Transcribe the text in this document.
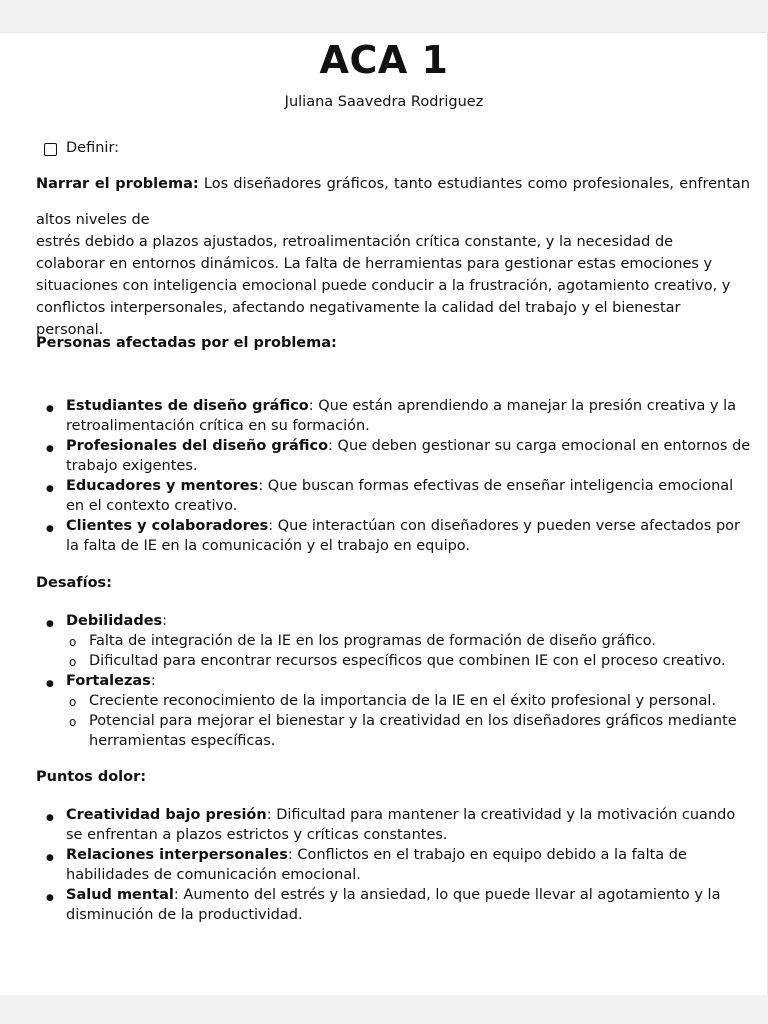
ACA 1
Juliana Saavedra Rodriguez
Definir:
Narrar el problema: Los diseñadores gráficos, tanto estudiantes como profesionales, enfrentan
altos niveles de
estrés debido a plazos ajustados, retroalimentación crítica constante, y la necesidad de
colaborar en entornos dinámicos. La falta de herramientas para gestionar estas emociones y
situaciones con inteligencia emocional puede conducir a la frustración, agotamiento creativo, y
conflictos interpersonales, afectando negativamente la calidad del trabajo y el bienestar
personal.
Personas afectadas por el problema:
● Estudiantes de diseño gráfico: Que están aprendiendo a manejar la presión creativa y la retroalimentación crítica en su formación.
● Profesionales del diseño gráfico: Que deben gestionar su carga emocional en entornos de trabajo exigentes.
● Educadores y mentores: Que buscan formas efectivas de enseñar inteligencia emocional en el contexto creativo.
● Clientes y colaboradores: Que interactúan con diseñadores y pueden verse afectados por la falta de IE en la comunicación y el trabajo en equipo.
Desafíos:
● Debilidades:
o Falta de integración de la IE en los programas de formación de diseño gráfico.
o Dificultad para encontrar recursos específicos que combinen IE con el proceso creativo.
● Fortalezas:
o Creciente reconocimiento de la importancia de la IE en el éxito profesional y personal.
o Potencial para mejorar el bienestar y la creatividad en los diseñadores gráficos mediante herramientas específicas.
Puntos dolor:
● Creatividad bajo presión: Dificultad para mantener la creatividad y la motivación cuando se enfrentan a plazos estrictos y críticas constantes.
● Relaciones interpersonales: Conflictos en el trabajo en equipo debido a la falta de habilidades de comunicación emocional.
● Salud mental: Aumento del estrés y la ansiedad, lo que puede llevar al agotamiento y la disminución de la productividad.
